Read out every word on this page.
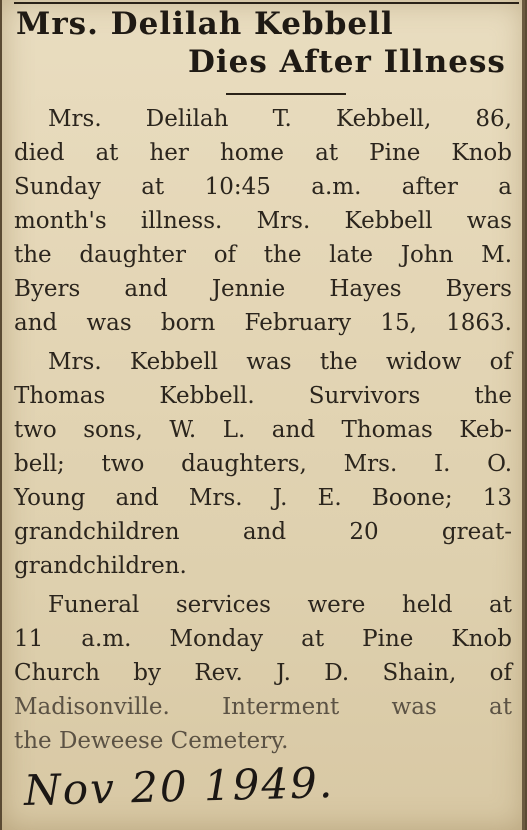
Mrs. Delilah Kebbell
Dies After Illness
Mrs. Delilah T. Kebbell, 86,
died at her home at Pine Knob
Sunday at 10:45 a.m. after a
month's illness. Mrs. Kebbell was
the daughter of the late John M.
Byers and Jennie Hayes Byers
and was born February 15, 1863.
Mrs. Kebbell was the widow of
Thomas Kebbell. Survivors the
two sons, W. L. and Thomas Keb-
bell; two daughters, Mrs. I. O.
Young and Mrs. J. E. Boone; 13
grandchildren and 20 great-
grandchildren.
Funeral services were held at
11 a.m. Monday at Pine Knob
Church by Rev. J. D. Shain, of
Madisonville. Interment was at
the Deweese Cemetery.
Nov 20 1949.
